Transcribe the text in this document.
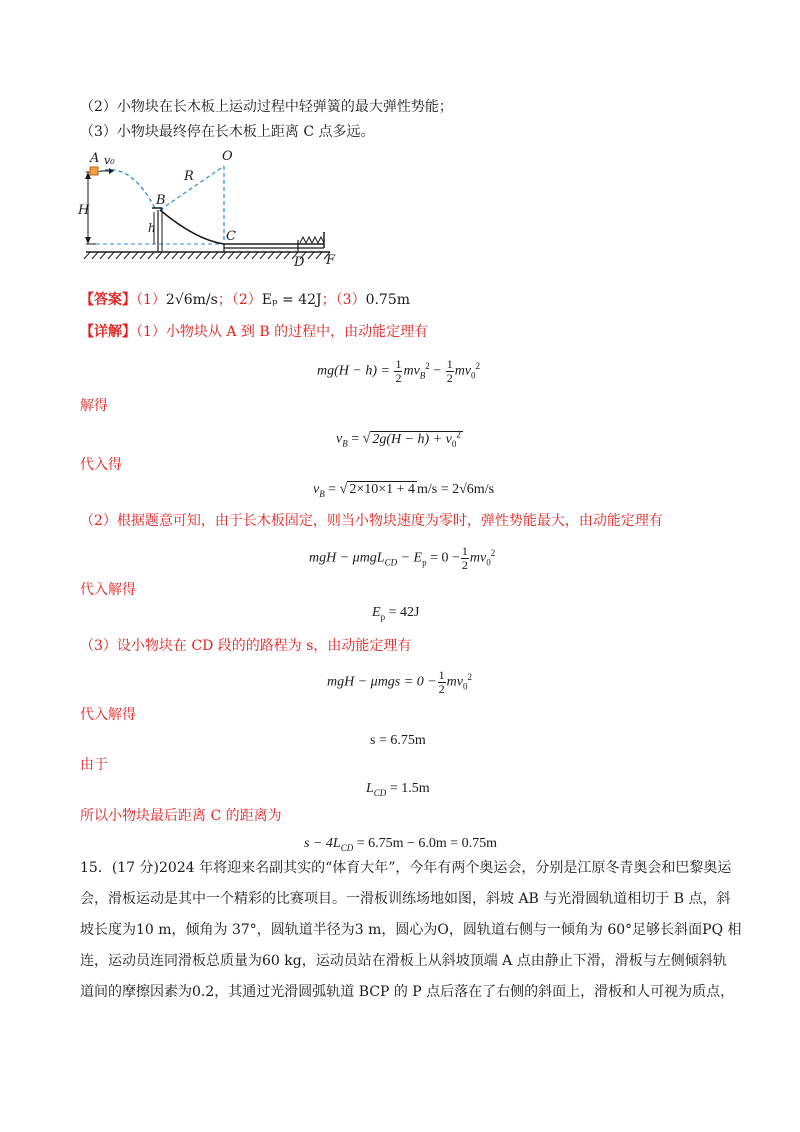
（2）小物块在长木板上运动过程中轻弹簧的最大弹性势能；
（3）小物块最终停在长木板上距离 C 点多远。
A v₀	O
R
B
H
h
C
D F
【答案】（1）2√6m/s；（2）Eₚ = 42J；（3）0.75m
【详解】（1）小物块从 A 到 B 的过程中，由动能定理有
$mg(H - h) = \frac{1}{2} mv_B^2 - \frac{1}{2} mv_0^2$
解得
$v_B$ = √ $2g(H - h) + v_0^2$
代入得
$v_B$ = √ 2×10×1 + 4 m/s = 2√6m/s
（2）根据题意可知，由于长木板固定，则当小物块速度为零时，弹性势能最大，由动能定理有
mgH − $\mu mgL_{CD} - E_p = 0 - \frac{1}{2} mv_0^2$
代入解得
$E_p = 42J$
（3）设小物块在 CD 段的的路程为 s，由动能定理有
mgH − $\mu mgs = 0 - \frac{1}{2} mv_0^2$
代入解得
s = 6.75m
由于
$L_{CD} = 1.5m$
所以小物块最后距离 C 的距离为
$s - 4L_{CD} = 6.75m - 6.0m = 0.75m$
15．(17 分)2024 年将迎来名副其实的“体育大年”，今年有两个奥运会，分别是江原冬青奥会和巴黎奥运
会，滑板运动是其中一个精彩的比赛项目。一滑板训练场地如图，斜坡 AB 与光滑圆轨道相切于 B 点，斜
坡长度为10 m，倾角为 37°，圆轨道半径为3 m，圆心为O，圆轨道右侧与一倾角为 60°足够长斜面PQ 相
连，运动员连同滑板总质量为60 kg，运动员站在滑板上从斜坡顶端 A 点由静止下滑，滑板与左侧倾斜轨
道间的摩擦因素为0.2，其通过光滑圆弧轨道 BCP 的 P 点后落在了右侧的斜面上，滑板和人可视为质点，
